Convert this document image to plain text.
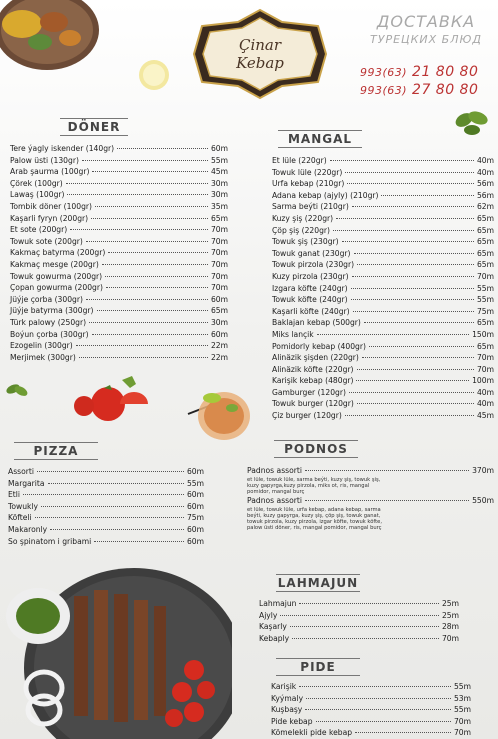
Çinar
Kebap
ДОСТАВКА
ТУРЕЦКИХ БЛЮД
993(63) 21 80 80
993(63) 27 80 80
DÖNER
MANGAL
PIZZA	PODNOS
LAHMAJUN
PIDE
Tere ýagly iskender (140gr)	60m
Palow üsti (130gr)	55m
Arab şaurma (100gr)	45m
Çörek (100gr)	30m
Lawaş (100gr)	30m
Tombik döner (100gr)	35m
Kaşarli fyryn (200gr)	65m
Et sote (200gr)	70m
Towuk sote (200gr)	70m
Kakmaç batyrma (200gr)	70m
Kakmaç mesge (200gr)	70m
Towuk gowurma (200gr)	70m
Çopan gowurma (200gr)	70m
Jüýje çorba (300gr)	60m
Jüýje batyrma (300gr)	65m
Türk palowy (250gr)	30m
Boýun çorba (300gr)	60m
Ezogelin (300gr)	22m
Merjimek (300gr)	22m
Et lüle (220gr)	40m
Towuk lüle (220gr)	40m
Urfa kebap (210gr)	56m
Adana kebap (ajyly) (210gr)	56m
Sarma beýti (210gr)	62m
Kuzy şiş (220gr)	65m
Çöp şiş (220gr)	65m
Towuk şiş (230gr)	65m
Towuk ganat (230gr)	65m
Towuk pirzola (230gr)	65m
Kuzy pirzola (230gr)	70m
Izgara köfte (240gr)	55m
Towuk köfte (240gr)	55m
Kaşarli köfte (240gr)	75m
Baklajan kebap (500gr)	65m
Miks lançik	150m
Pomidorly kebap (400gr)	65m
Alinäzik şişden (220gr)	70m
Alinäzik köfte (220gr)	70m
Karişik kebap (480gr)	100m
Gamburger (120gr)	40m
Towuk burger (120gr)	40m
Çiz burger (120gr)	45m
Assorti	60m
Margarita	55m
Etli	60m
Towukly	60m
Köfteli	75m
Makaronly	60m
So şpinatom i gribami	60m
Padnos assorti	370m
et lüle, towuk lüle, sarma beýti, kuzy şiş, towuk şiş, kuzy gapyrga,kuzy pirzola, miks ot, ris, mangal pomidor, mangal burç
Padnos assorti	550m
et lüle, towuk lüle, urfa kebap, adana kebap, sarma beýti, kuzy gapyrga, kuzy şiş, çöp şiş, towuk ganat, towuk pirzola, kuzy pirzola, izgar köfte, towuk köfte, palow üsti döner, ris, mangal pomidor, mangal burç
Lahmajun	25m
Ajyly	25m
Kaşarly	28m
Kebaply	70m
Karişik	55m
Kyýmaly	53m
Kuşbaşy	55m
Pide kebap	70m
Kömelekli pide kebap	70m
